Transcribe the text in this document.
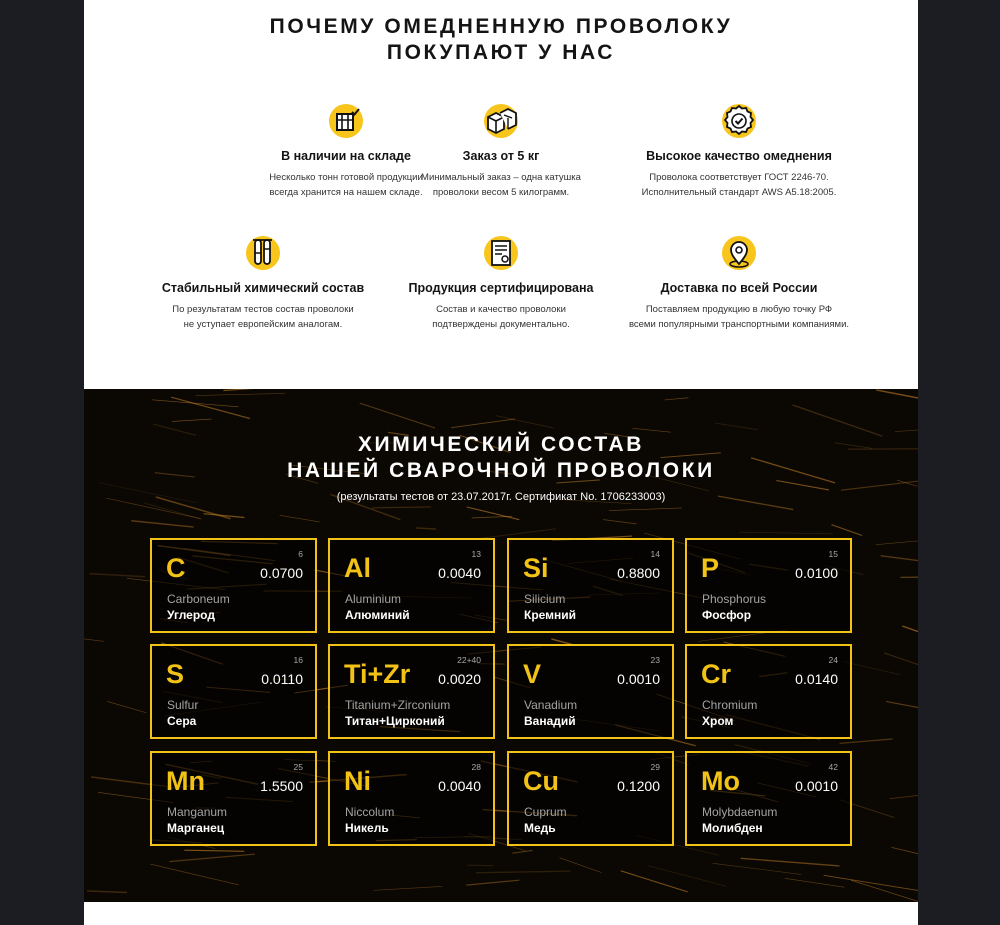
ПОЧЕМУ ОМЕДНЕННУЮ ПРОВОЛОКУ
ПОКУПАЮТ У НАС
В наличии на складе
Несколько тонн готовой продукции
всегда хранится на нашем складе.
Заказ от 5 кг
Минимальный заказ – одна катушка
проволоки весом 5 килограмм.
Высокое качество омеднения
Проволока соответствует ГОСТ 2246-70.
Исполнительный стандарт AWS A5.18:2005.
Стабильный химический состав
По результатам тестов состав проволоки
не уступает европейским аналогам.
Продукция сертифицирована
Состав и качество проволоки
подтверждены документально.
Доставка по всей России
Поставляем продукцию в любую точку РФ
всеми популярными транспортными компаниями.
ХИМИЧЕСКИЙ СОСТАВ
НАШЕЙ СВАРОЧНОЙ ПРОВОЛОКИ
(результаты тестов от 23.07.2017г. Сертификат No. 1706233003)
C	6
0.0700
Carboneum
Углерод
Al	13
0.0040
Aluminium
Алюминий
Si	14
0.8800
Silicium
Кремний
P	15
0.0100
Phosphorus
Фосфор
S	16
0.0110
Sulfur
Сера
Ti+Zr	22+40
0.0020
Titanium+Zirconium
Титан+Цирконий
V	23
0.0010
Vanadium
Ванадий
Cr	24
0.0140
Chromium
Хром
Mn	25
1.5500
Manganum
Марганец
Ni	28
0.0040
Niccolum
Никель
Cu	29
0.1200
Cuprum
Медь
Mo	42
0.0010
Molybdaenum
Молибден
